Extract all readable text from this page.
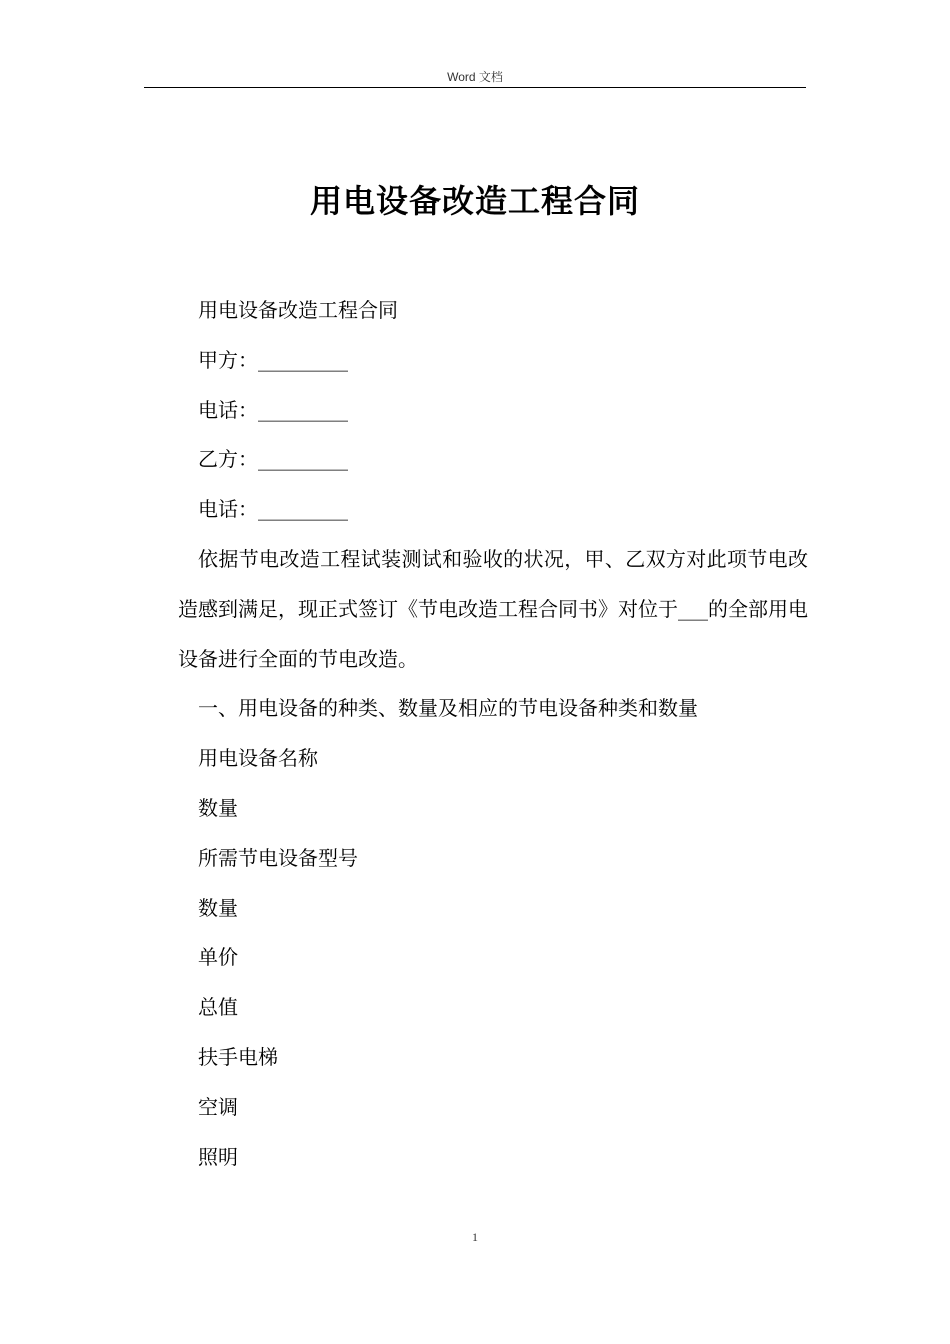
Word 文档
用电设备改造工程合同

用电设备改造工程合同

甲方：_________

电话：_________

乙方：_________

电话：_________

依据节电改造工程试装测试和验收的状况，甲、乙双方对此项节电改造感到满足，现正式签订《节电改造工程合同书》对位于___的全部用电设备进行全面的节电改造。

一、用电设备的种类、数量及相应的节电设备种类和数量

用电设备名称

数量

所需节电设备型号

数量

单价

总值

扶手电梯

空调

照明

1
